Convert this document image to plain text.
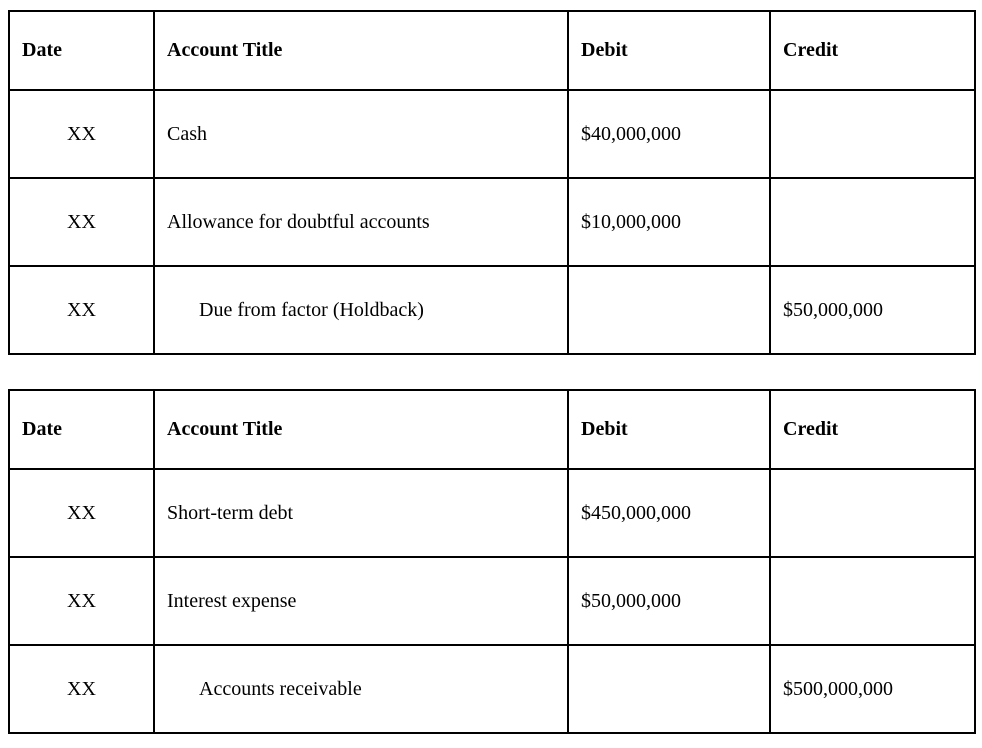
Date	Account Title	Debit	Credit
XX	Cash	$40,000,000	
XX	Allowance for doubtful accounts	$10,000,000	
XX	Due from factor (Holdback)		$50,000,000
Date	Account Title	Debit	Credit
XX	Short-term debt	$450,000,000	
XX	Interest expense	$50,000,000	
XX	Accounts receivable		$500,000,000
